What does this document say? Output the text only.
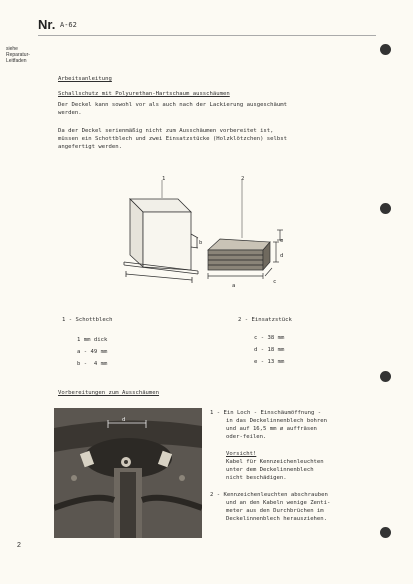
Nr. A-62
siehe
Reparatur-
Leitfaden
Arbeitsanleitung
Schallschutz mit Polyurethan-Hartschaum ausschäumen
Der Deckel kann sowohl vor als auch nach der Lackierung ausgeschäumt
werden.
Da der Deckel serienmäßig nicht zum Ausschäumen vorbereitet ist,
müssen ein Schottblech und zwei Einsatzstücke (Holzklötzchen) selbst
angefertigt werden.
1	2
b	e
d
c
a
1 - Schottblech
1 mm dick
a - 49 mm
b -  4 mm
2 - Einsatzstück
c - 38 mm
d - 18 mm
e - 13 mm
Vorbereitungen zum Ausschäumen
d
1 - Ein Loch - Einschäumöffnung -
in das Deckelinnenblech bohren
und auf 16,5 mm ø auffräsen
oder-feilen.
Vorsicht!
Kabel für Kennzeichenleuchten
unter dem Deckelinnenblech
nicht beschädigen.
2 - Kennzeichenleuchten abschrauben
und an den Kabeln wenige Zenti-
meter aus den Durchbrüchen im
Deckelinnenblech herausziehen.
2
